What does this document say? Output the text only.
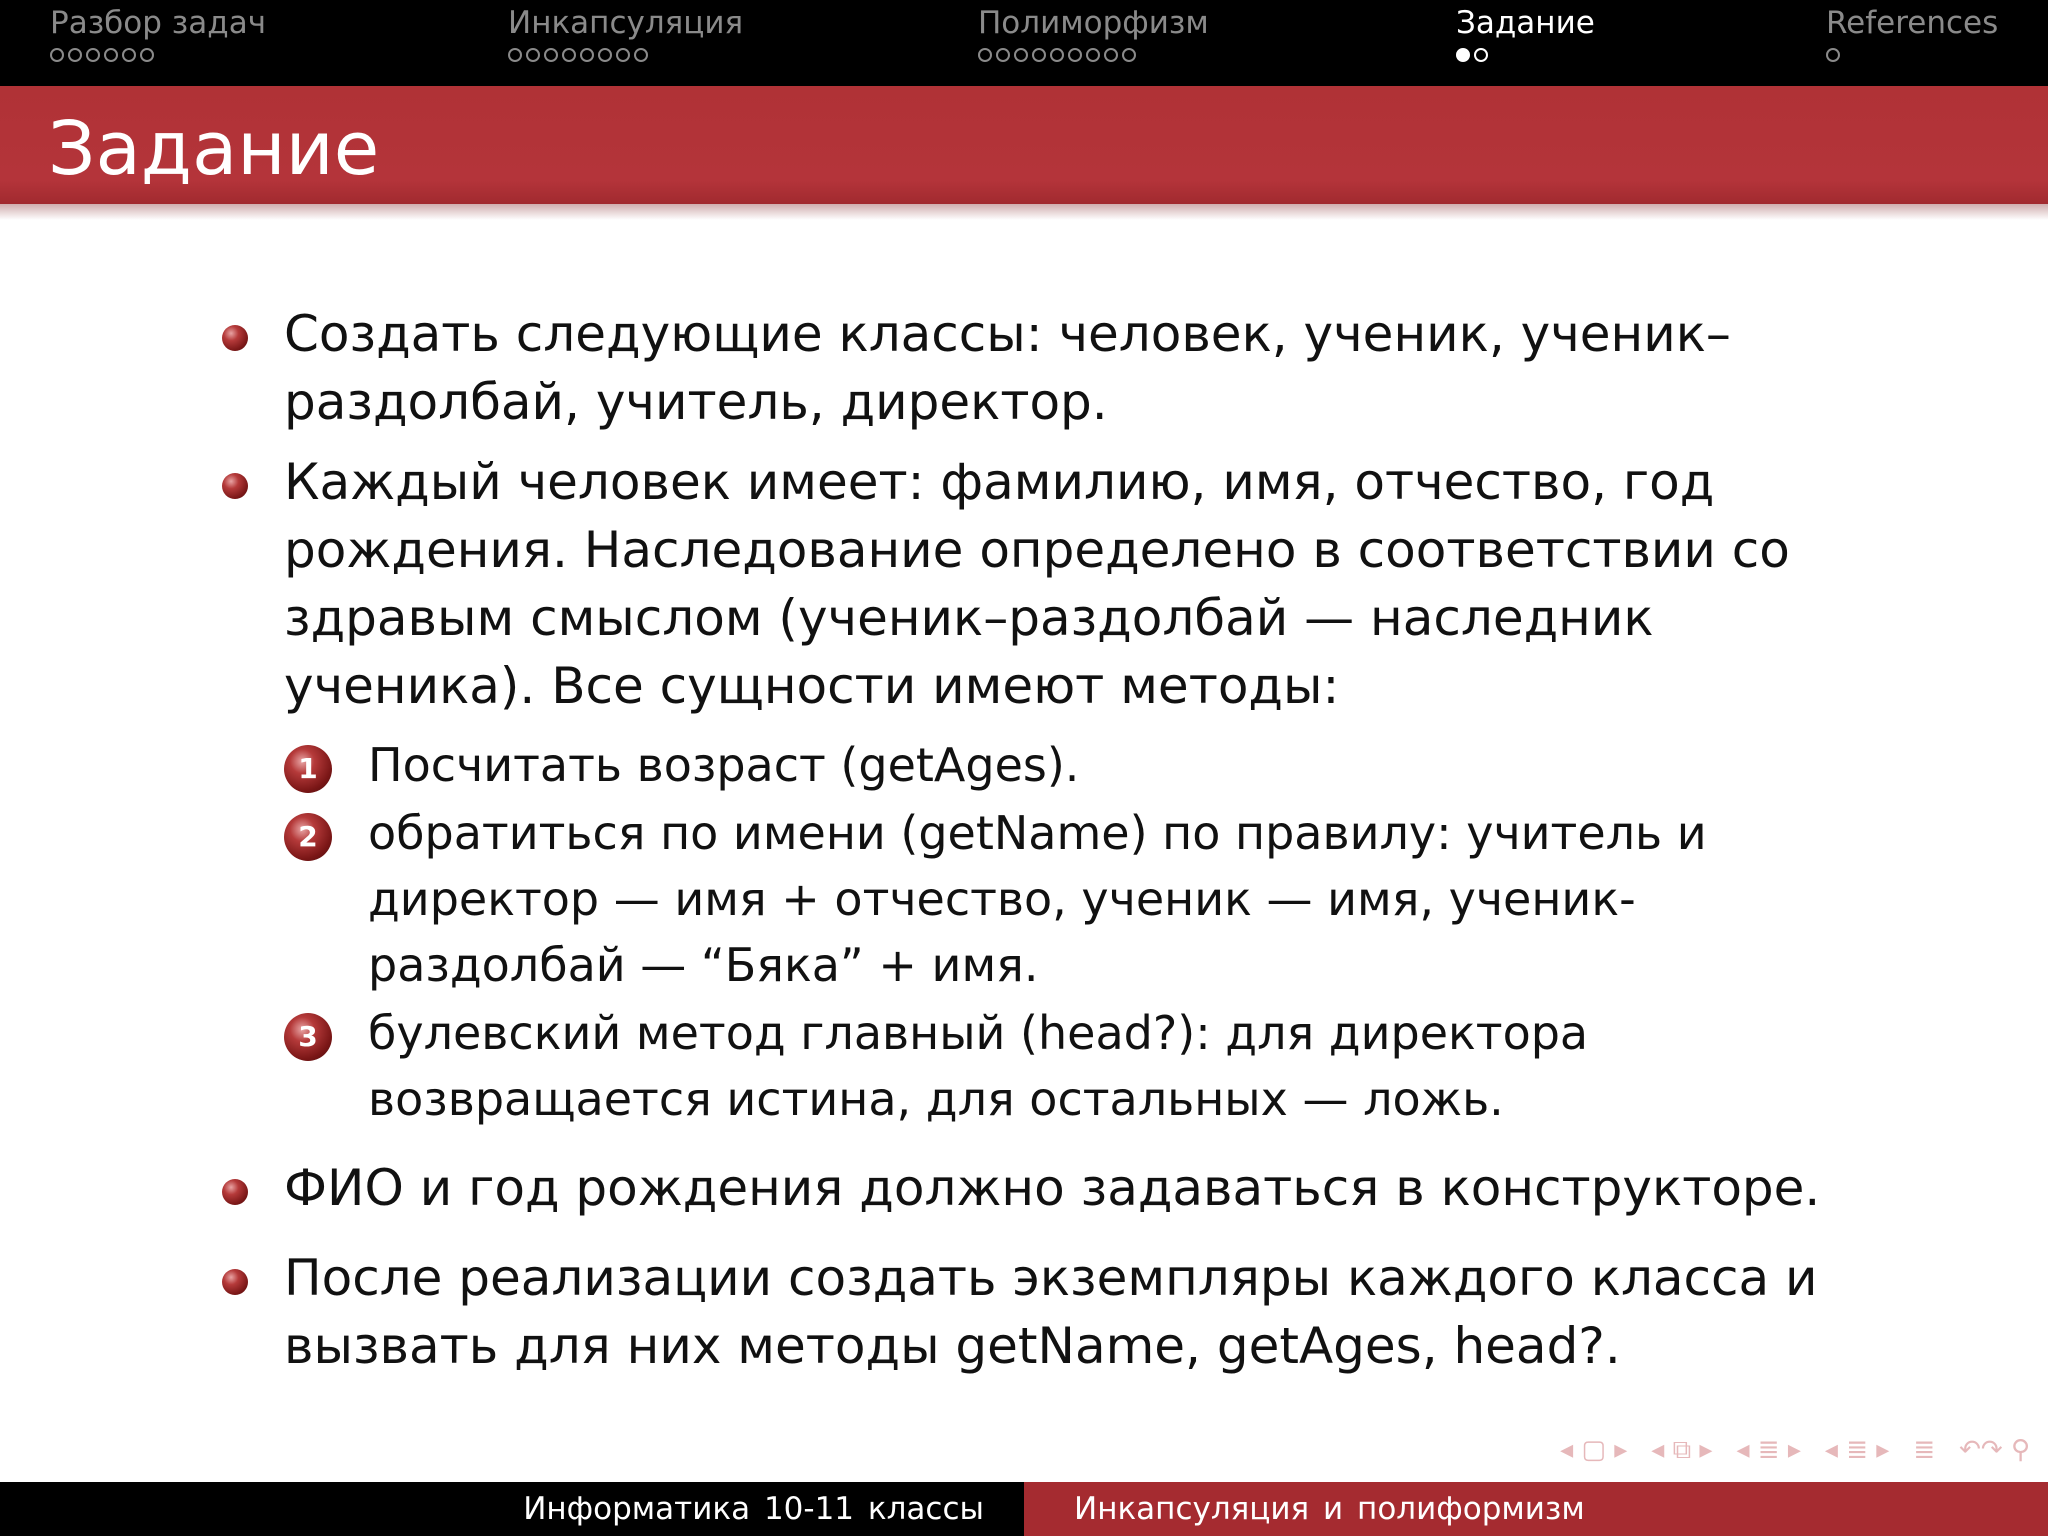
Разбор задач	Инкапсуляция	Полиморфизм	Задание	References
Задание
Создать следующие классы: человек, ученик, ученик–раздолбай, учитель, директор.
Каждый человек имеет: фамилию, имя, отчество, год рождения. Наследование определено в соответствии со здравым смыслом (ученик–раздолбай — наследник ученика). Все сущности имеют методы:
1	Посчитать возраст (getAges).
2	обратиться по имени (getName) по правилу: учитель и директор — имя + отчество, ученик — имя, ученик-раздолбай — “Бяка” + имя.
3	булевский метод главный (head?): для директора возвращается истина, для остальных — ложь.
ФИО и год рождения должно задаваться в конструкторе.
После реализации создать экземпляры каждого класса и вызвать для них методы getName, getAges, head?.
◂ ▢ ▸ ◂ ⧉ ▸ ◂ ≣ ▸ ◂ ≣ ▸ ≣ ↶↷ ⚲
Информатика 10-11 классы	Инкапсуляция и полиформизм
